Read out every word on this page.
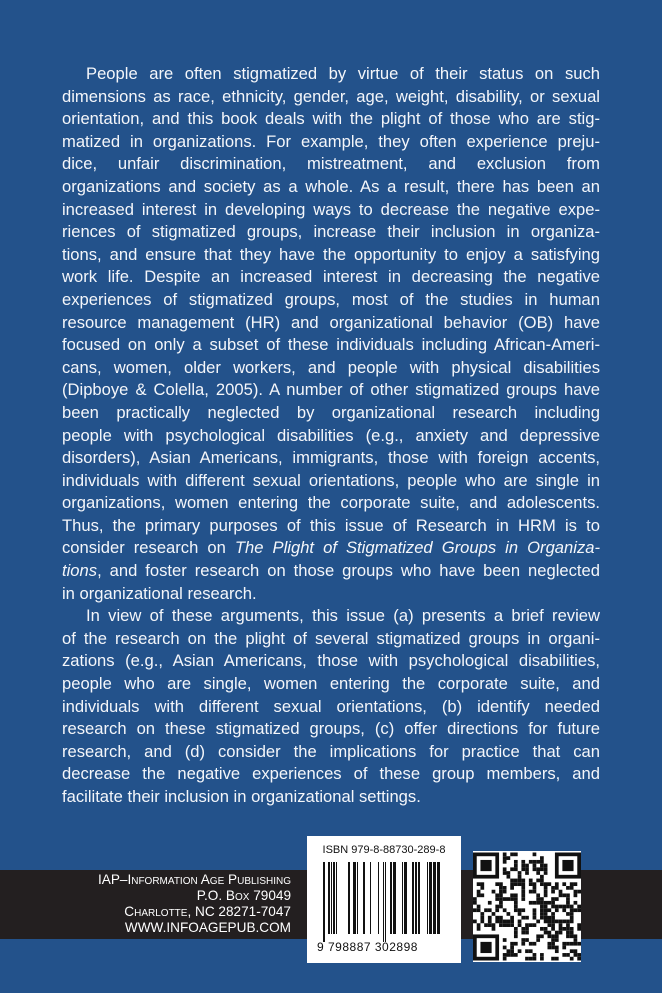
People are often stigmatized by virtue of their status on such
dimensions as race, ethnicity, gender, age, weight, disability, or sexual
orientation, and this book deals with the plight of those who are stig-
matized in organizations. For example, they often experience preju-
dice, unfair discrimination, mistreatment, and exclusion from
organizations and society as a whole. As a result, there has been an
increased interest in developing ways to decrease the negative expe-
riences of stigmatized groups, increase their inclusion in organiza-
tions, and ensure that they have the opportunity to enjoy a satisfying
work life. Despite an increased interest in decreasing the negative
experiences of stigmatized groups, most of the studies in human
resource management (HR) and organizational behavior (OB) have
focused on only a subset of these individuals including African-Ameri-
cans, women, older workers, and people with physical disabilities
(Dipboye & Colella, 2005). A number of other stigmatized groups have
been practically neglected by organizational research including
people with psychological disabilities (e.g., anxiety and depressive
disorders), Asian Americans, immigrants, those with foreign accents,
individuals with different sexual orientations, people who are single in
organizations, women entering the corporate suite, and adolescents.
Thus, the primary purposes of this issue of Research in HRM is to
consider research on The Plight of Stigmatized Groups in Organiza-
tions, and foster research on those groups who have been neglected
in organizational research.
In view of these arguments, this issue (a) presents a brief review
of the research on the plight of several stigmatized groups in organi-
zations (e.g., Asian Americans, those with psychological disabilities,
people who are single, women entering the corporate suite, and
individuals with different sexual orientations, (b) identify needed
research on these stigmatized groups, (c) offer directions for future
research, and (d) consider the implications for practice that can
decrease the negative experiences of these group members, and
facilitate their inclusion in organizational settings.
IAP–Information Age Publishing
P.O. Box 79049
Charlotte, NC 28271-7047
WWW.INFOAGEPUB.COM
ISBN 979-8-88730-289-8
9 798887 302898
